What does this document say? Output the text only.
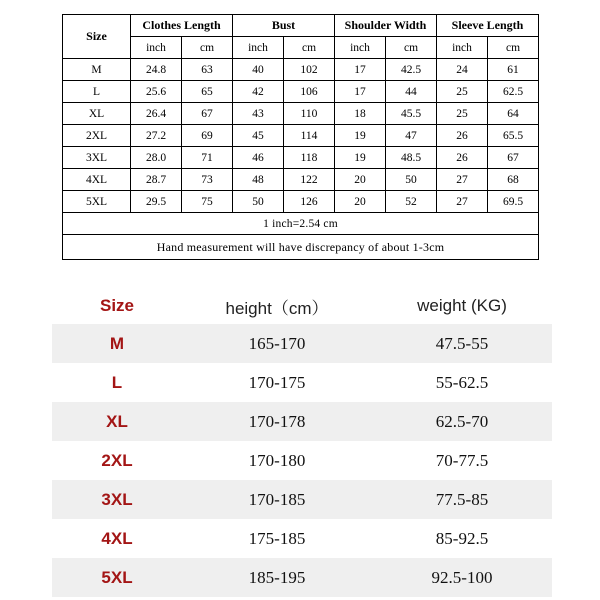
Size	Clothes Length		Bust		Shoulder Width		Sleeve Length	
	inch	cm	inch	cm	inch	cm	inch	cm
M	24.8	63	40	102	17	42.5	24	61
L	25.6	65	42	106	17	44	25	62.5
XL	26.4	67	43	110	18	45.5	25	64
2XL	27.2	69	45	114	19	47	26	65.5
3XL	28.0	71	46	118	19	48.5	26	67
4XL	28.7	73	48	122	20	50	27	68
5XL	29.5	75	50	126	20	52	27	69.5
1 inch=2.54 cm								
Hand measurement will have discrepancy of about 1-3cm								
Size	height（cm）	weight (KG)
M	165-170	47.5-55
L	170-175	55-62.5
XL	170-178	62.5-70
2XL	170-180	70-77.5
3XL	170-185	77.5-85
4XL	175-185	85-92.5
5XL	185-195	92.5-100
